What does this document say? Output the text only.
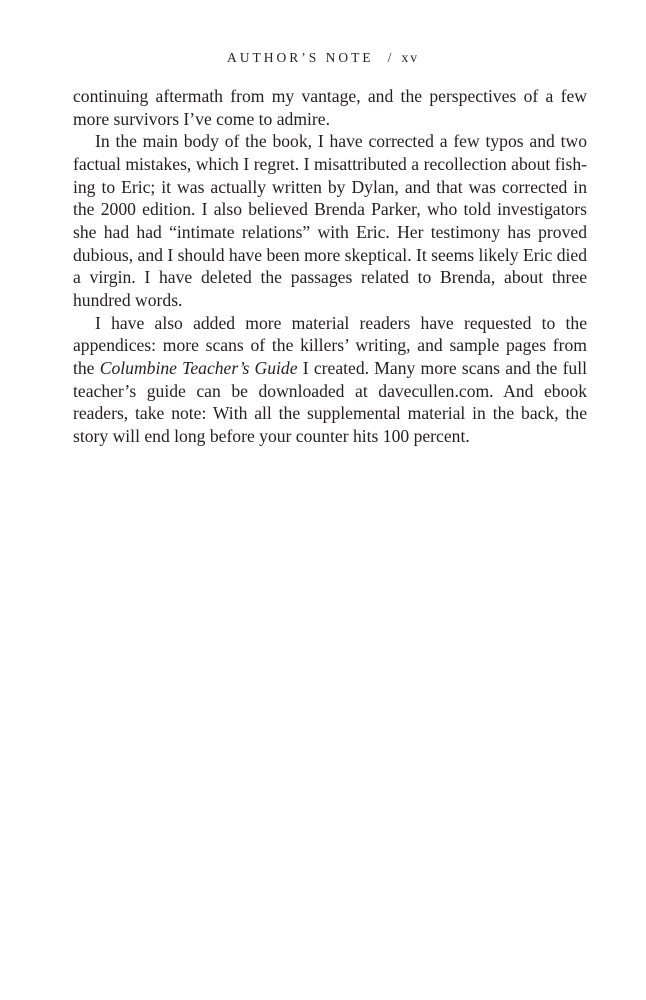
AUTHOR’S NOTE / xv

continuing aftermath from my vantage, and the perspectives of a few more survivors I’ve come to admire.

In the main body of the book, I have corrected a few typos and two factual mistakes, which I regret. I misattributed a recollection about fishing to Eric; it was actually written by Dylan, and that was corrected in the 2000 edition. I also believed Brenda Parker, who told investigators she had had “intimate relations” with Eric. Her testimony has proved dubious, and I should have been more skeptical. It seems likely Eric died a virgin. I have deleted the passages related to Brenda, about three hundred words.

I have also added more material readers have requested to the appendices: more scans of the killers’ writing, and sample pages from the Columbine Teacher’s Guide I created. Many more scans and the full teacher’s guide can be downloaded at davecullen.com. And ebook readers, take note: With all the supplemental material in the back, the story will end long before your counter hits 100 percent.
